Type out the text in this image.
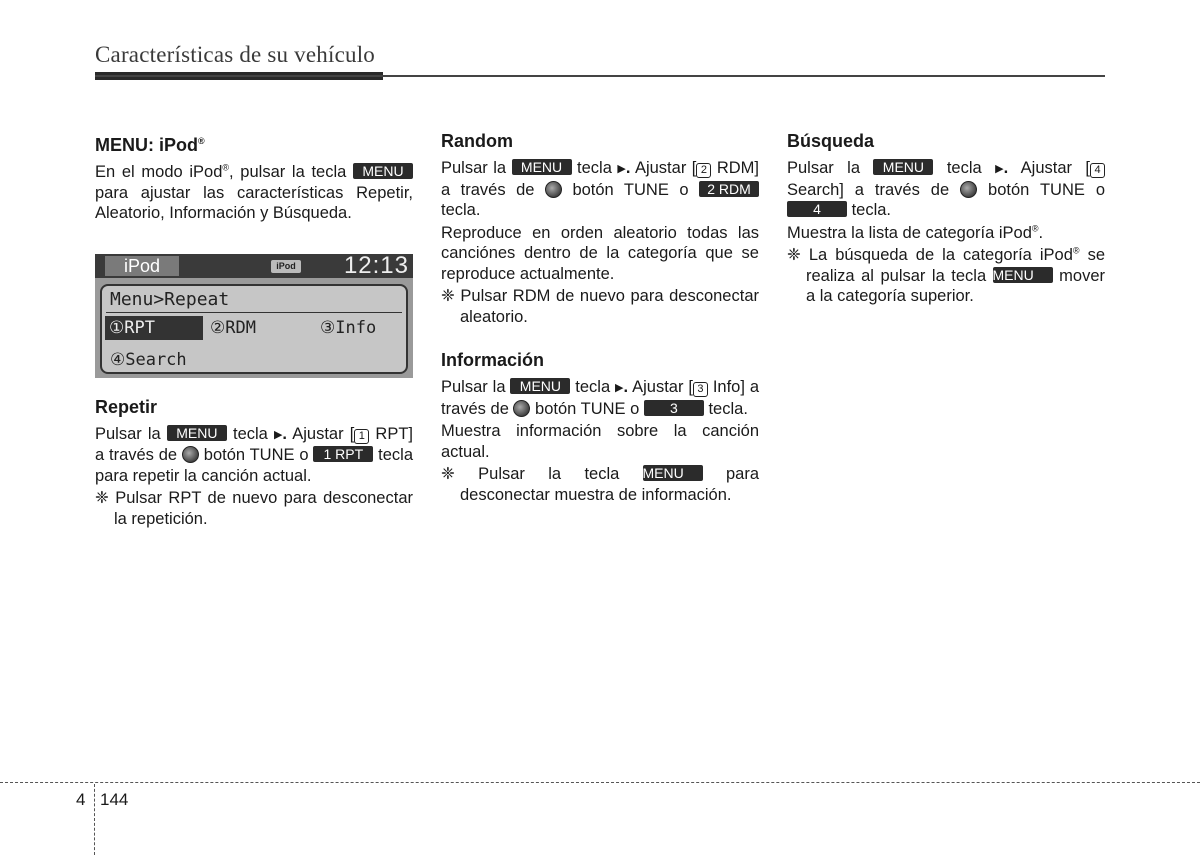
Características de su vehículo
MENU: iPod®

En el modo iPod®, pulsar la tecla MENU para ajustar las características Repetir, Aleatorio, Información y Búsqueda.

iPod	iPod 12:13
Menu>Repeat
①RPT	②RDM	③Info
④Search
Repetir

Pulsar la MENU tecla ▶. Ajustar [ 1 RPT] a través de  botón TUNE o 1 RPT tecla para repetir la canción actual.

❈ Pulsar RPT de nuevo para desconectar la repetición.

Random

Pulsar la MENU tecla ▶. Ajustar [ 2 RDM] a través de  botón TUNE o 2 RDM tecla.

Reproduce en orden aleatorio todas las canciónes dentro de la categoría que se reproduce actualmente.

❈ Pulsar RDM de nuevo para desconectar aleatorio.

Información

Pulsar la MENU tecla ▶. Ajustar [ 3 Info] a través de  botón TUNE o 3 tecla.

Muestra información sobre la canción actual.

❈ Pulsar la tecla MENU para desconectar muestra de información.

Búsqueda

Pulsar la MENU tecla ▶. Ajustar [ 4 Search] a través de  botón TUNE o 4 tecla.

Muestra la lista de categoría iPod®.

❈ La búsqueda de la categoría iPod® se realiza al pulsar la tecla MENU mover a la categoría superior.

4 144
